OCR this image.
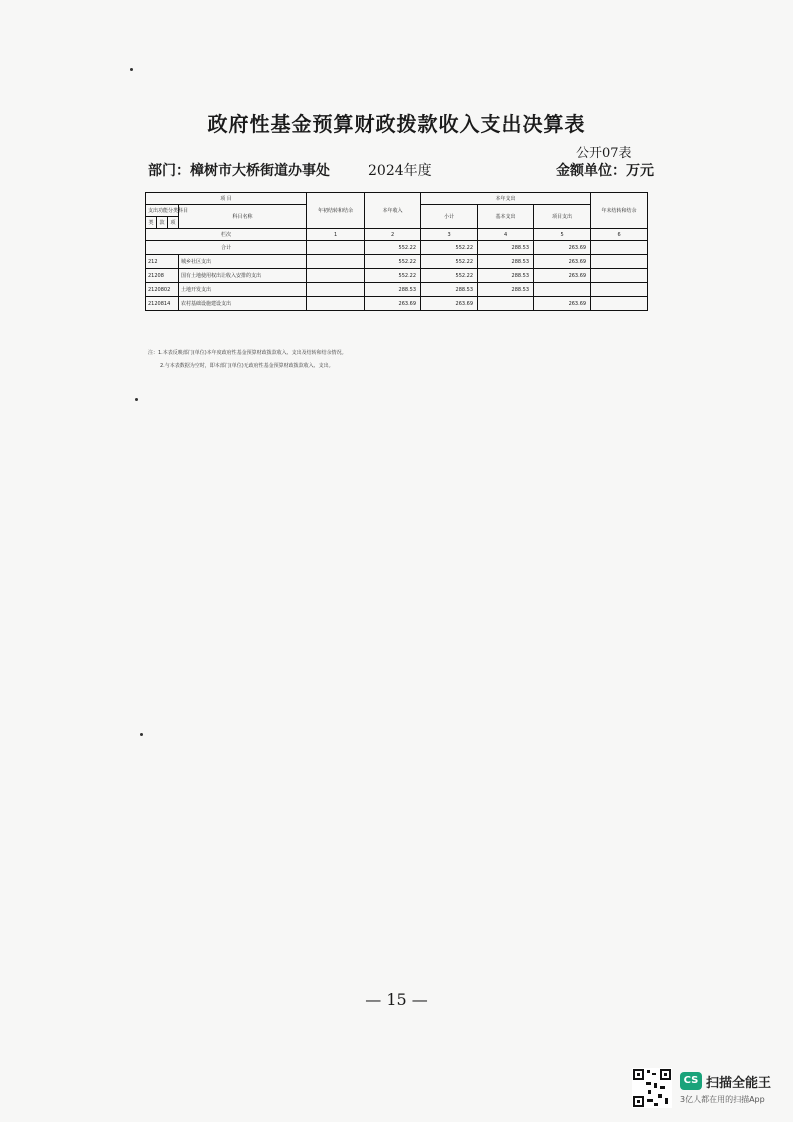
政府性基金预算财政拨款收入支出决算表
公开07表
部门：樟树市大桥街道办事处	2024年度	金额单位：万元
项 目				年初结转和结余	本年收入	本年支出			年末结转和结余
支出功能分类科目			科目名称			小计	基本支出	项目支出	
类	款	项							
栏次				1	2	3	4	5	6
合计					552.22	552.22	288.53	263.69	
212			城乡社区支出		552.22	552.22	288.53	263.69	
21208			国有土地使用权出让收入安排的支出		552.22	552.22	288.53	263.69	
2120802			土地开发支出		288.53	288.53	288.53		
2120814			农村基础设施建设支出		263.69	263.69		263.69	
注：1.本表反映部门(单位)本年度政府性基金预算财政拨款收入、支出及结转和结余情况。
2.与本表数据为空时，即本部门(单位)无政府性基金预算财政拨款收入、支出。
— 15 —
CS 扫描全能王
3亿人都在用的扫描App
